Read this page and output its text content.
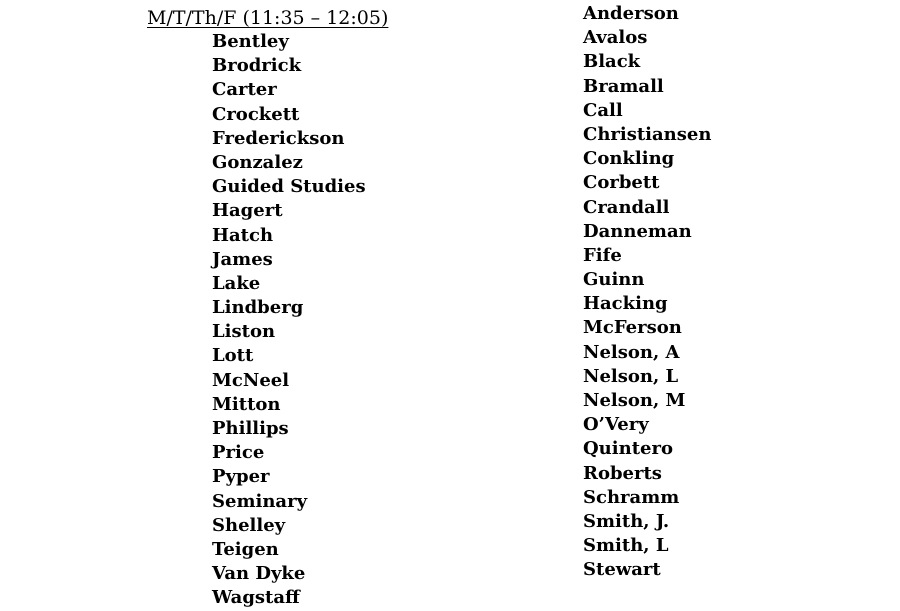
M/T/Th/F (11:35 – 12:05)
Bentley
Brodrick
Carter
Crockett
Frederickson
Gonzalez
Guided Studies
Hagert
Hatch
James
Lake
Lindberg
Liston
Lott
McNeel
Mitton
Phillips
Price
Pyper
Seminary
Shelley
Teigen
Van Dyke
Wagstaff
Anderson
Avalos
Black
Bramall
Call
Christiansen
Conkling
Corbett
Crandall
Danneman
Fife
Guinn
Hacking
McFerson
Nelson, A
Nelson, L
Nelson, M
O’Very
Quintero
Roberts
Schramm
Smith, J.
Smith, L
Stewart
